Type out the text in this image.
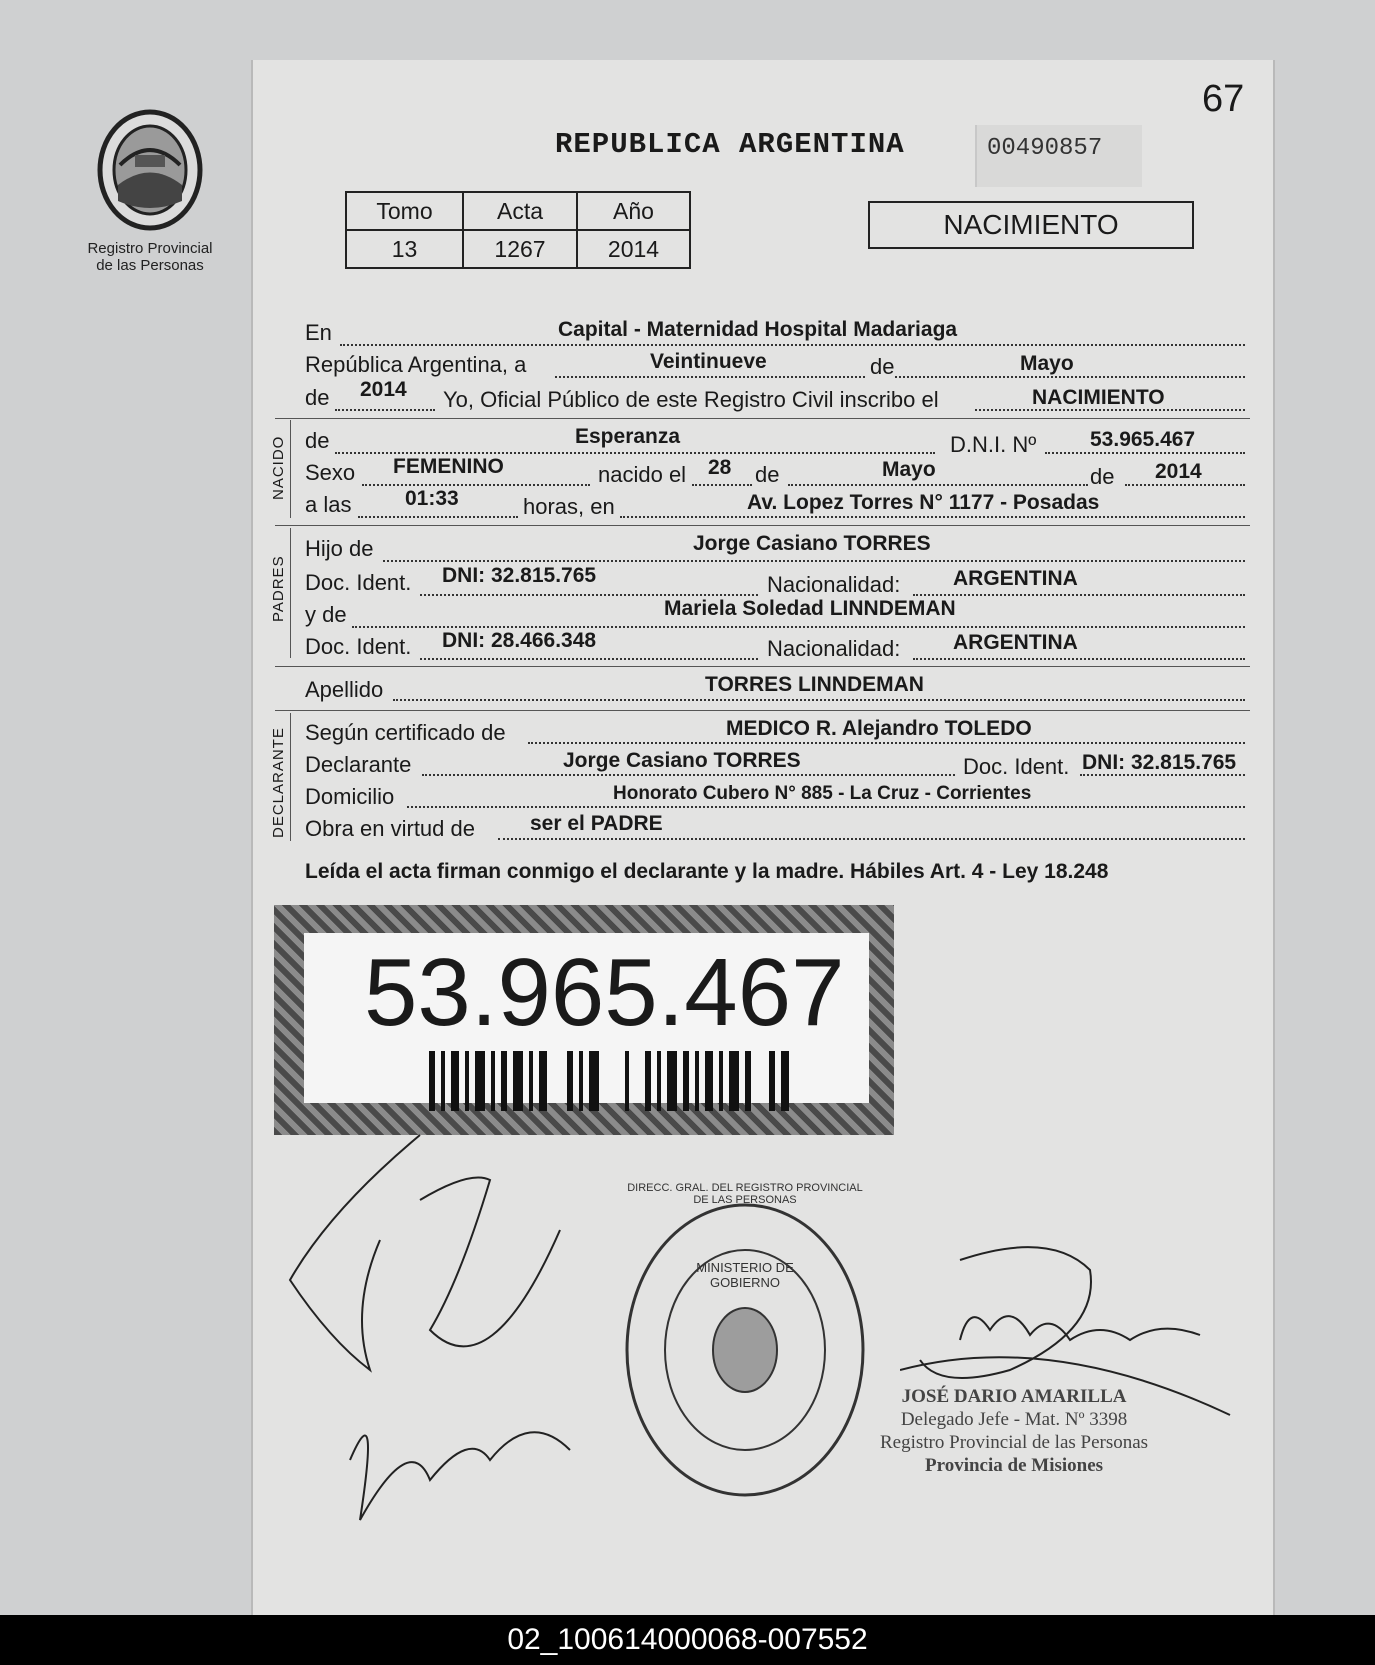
Registro Provincial
de las Personas
67
REPUBLICA ARGENTINA	00490857
Tomo	Acta	Año
13	1267	2014
NACIMIENTO
En	Capital - Maternidad Hospital Madariaga
República Argentina, a	Veintinueve	de	Mayo
de 2014 Yo, Oficial Público de este Registro Civil inscribo el	NACIMIENTO
NACIDO de	Esperanza	D.N.I. Nº	53.965.467
Sexo FEMENINO	nacido el 28 de	Mayo	de 2014
a las	01:33	horas, en	Av. Lopez Torres N° 1177 - Posadas
PADRES
Hijo de	Jorge Casiano TORRES
Doc. Ident. DNI: 32.815.765	Nacionalidad:	ARGENTINA
y de	Mariela Soledad LINNDEMAN
Doc. Ident. DNI: 28.466.348	Nacionalidad:	ARGENTINA
Apellido	TORRES LINNDEMAN
DECLARANTE Según certificado de	MEDICO R. Alejandro TOLEDO
Declarante	Jorge Casiano TORRES	Doc. Ident. DNI: 32.815.765
Domicilio	Honorato Cubero N° 885 - La Cruz - Corrientes
Obra en virtud de	ser el PADRE
Leída el acta firman conmigo el declarante y la madre. Hábiles Art. 4 - Ley 18.248
53.965.467
DIRECC. GRAL. DEL REGISTRO PROVINCIAL DE LAS PERSONAS
MINISTERIO DE GOBIERNO
JOSÉ DARIO AMARILLA
Delegado Jefe - Mat. Nº 3398
Registro Provincial de las Personas
Provincia de Misiones
02_100614000068-007552
